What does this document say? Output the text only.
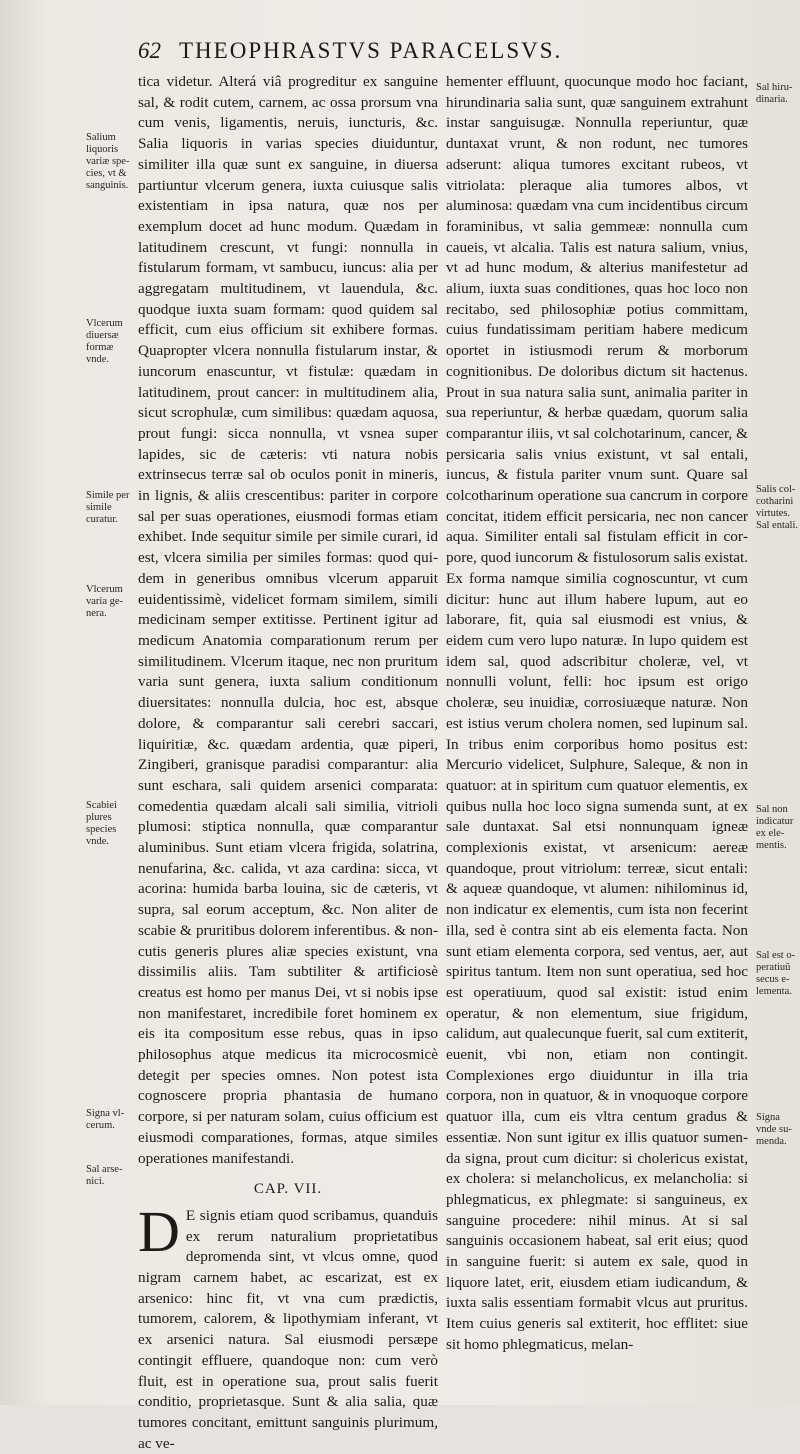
62 THEOPHRASTVS PARACELSVS.
Salium liquoris variæ species, vt & sanguinis.
Vlcerum diuersæ formæ vnde.
Simile per simile curatur.
Vlcerum varia genera.
Scabiei plures species vnde.
Signa vlcerum.
Sal arsenici.
Sal hirudinaria.
Salis colcotharini virtutes. Sal entali.
Sal non indicatur ex elementis.
Sal est operatiuũ secus elementa.
Signa vnde sumenda.

tica videtur. Alterá viâ progreditur ex sanguine sal, & rodit cutem, carnem, ac ossa prorsum vna cum venis, ligamentis, neruis, iuncturis, &c. Salia liquoris in varias species diuiduntur, similiter illa quæ sunt ex sanguine, in diuersa partiuntur vlcerum genera, iuxta cuiusque salis existentiam in ipsa natura, quæ nos per exemplum docet ad hunc modum. Quædam in latitudinem crescunt, vt fungi: nonnulla in fistularum formam, vt sambucu, iuncus: alia per aggregatam multitudinem, vt lauendula, &c. quodque iuxta suam formam: quod quidem sal efficit, cum eius officium sit exhibere formas. Quapropter vlcera nonnulla fistularum instar, & iuncorum enascuntur, vt fistulæ: quædam in latitudinem, prout cancer: in multitudinem alia, sicut scrophulæ, cum similibus: quædam aquosa, prout fungi: sicca nonnulla, vt vsnea super lapides, sic de cæteris: vti natura nobis extrinsecus terræ sal ob oculos ponit in mineris, in lignis, & aliis crescentibus: pariter in corpore sal per suas operationes, eiusmodi formas etiam exhibet. Inde sequitur simile per simile curari, id est, vlcera similia per similes formas: quod quidem in generibus omnibus vlcerum apparuit euidentissimè, videlicet formam similem, simili medicinam semper extitisse. Pertinent igitur ad medicum Anatomia comparationum rerum per similitudinem. Vlcerum itaque, nec non pruritum varia sunt genera, iuxta salium conditionum diuersitates: nonnulla dulcia, hoc est, absque dolore, & comparantur sali cerebri saccari, liquiritiæ, &c. quædam ardentia, quæ piperi, Zingiberi, granisque paradisi comparantur: alia sunt eschara, sali quidem arsenici comparata: comedentia quædam alcali sali similia, vitrioli plumosi: stiptica nonnulla, quæ comparantur aluminibus. Sunt etiam vlcera frigida, solatrina, nenufarina, &c. calida, vt aza cardina: sicca, vt acorina: humida barba louina, sic de cæteris, vt supra, sal eorum acceptum, &c. Non aliter de scabie & pruritibus dolorem inferentibus. & noncutis generis plures aliæ species existunt, vna dissimilis aliis. Tam subtiliter & artificiosè creatus est homo per manus Dei, vt si nobis ipse non manifestaret, incredibile foret hominem ex eis ita compositum esse rebus, quas in ipso philosophus atque medicus ita microcosmicè detegit per species omnes. Non potest ista cognoscere propria phantasia de humano corpore, si per naturam solam, cuius officium est eiusmodi comparationes, formas, atque similes operationes manifestandi.

CAP. VII.

D E signis etiam quod scribamus, quanduis ex rerum naturalium proprietatibus depromenda sint, vt vlcus omne, quod nigram carnem habet, ac escarizat, est ex arsenico: hinc fit, vt vna cum prædictis, tumorem, calorem, & lipothymiam inferant, vt ex arsenici natura. Sal eiusmodi persæpe contingit effluere, quandoque non: cum verò fluit, est in operatione sua, prout salis fuerit conditio, proprietasque. Sunt & alia salia, quæ tumores concitant, emittunt sanguinis plurimum, ac ve-

hementer effluunt, quocunque modo hoc faciant, hirundinaria salia sunt, quæ sanguinem extrahunt instar sanguisugæ. Nonnulla reperiuntur, quæ duntaxat vrunt, & non rodunt, nec tumores adserunt: aliqua tumores excitant rubeos, vt vitriolata: pleraque alia tumores albos, vt aluminosa: quædam vna cum incidentibus circum foraminibus, vt salia gemmeæ: nonnulla cum caueis, vt alcalia. Talis est natura salium, vnius, vt ad hunc modum, & alterius manifestetur ad alium, iuxta suas conditiones, quas hoc loco non recitabo, sed philosophiæ potius committam, cuius fundatissimam peritiam habere medicum oportet in istiusmodi rerum & morborum cognitionibus. De doloribus dictum sit hactenus. Prout in sua natura salia sunt, animalia pariter in sua reperiuntur, & herbæ quædam, quorum salia comparantur iliis, vt sal colchotarinum, cancer, & persicaria salis vnius existunt, vt sal entali, iuncus, & fistula pariter vnum sunt. Quare sal colcotharinum operatione sua cancrum in corpore concitat, itidem efficit persicaria, nec non cancer aqua. Similiter entali sal fistulam efficit in corpore, quod iuncorum & fistulosorum salis existat. Ex forma namque similia cognoscuntur, vt cum dicitur: hunc aut illum habere lupum, aut eo laborare, fit, quia sal eiusmodi est vnius, & eidem cum vero lupo naturæ. In lupo quidem est idem sal, quod adscribitur choleræ, vel, vt nonnulli volunt, felli: hoc ipsum est origo choleræ, seu inuidiæ, corrosiuæque naturæ. Non est istius verum cholera nomen, sed lupinum sal. In tribus enim corporibus homo positus est: Mercurio videlicet, Sulphure, Saleque, & non in quatuor: at in spiritum cum quatuor elementis, ex quibus nulla hoc loco signa sumenda sunt, at ex sale duntaxat. Sal etsi nonnunquam igneæ complexionis existat, vt arsenicum: aereæ quandoque, prout vitriolum: terreæ, sicut entali: & aqueæ quandoque, vt alumen: nihilominus id, non indicatur ex elementis, cum ista non fecerint illa, sed è contra sint ab eis elementa facta. Non sunt etiam elementa corpora, sed ventus, aer, aut spiritus tantum. Item non sunt operatiua, sed hoc est operatiuum, quod sal existit: istud enim operatur, & non elementum, siue frigidum, calidum, aut qualecunque fuerit, sal cum extiterit, euenit, vbi non, etiam non contingit. Complexiones ergo diuiduntur in illa tria corpora, non in quatuor, & in vnoquoque corpore quatuor illa, cum eis vltra centum gradus & essentiæ. Non sunt igitur ex illis quatuor sumenda signa, prout cum dicitur: si cholericus existat, ex cholera: si melancholicus, ex melancholia: si phlegmaticus, ex phlegmate: si sanguineus, ex sanguine procedere: nihil minus. At si sal sanguinis occasionem habeat, sal erit eius; quod in sanguine fuerit: si autem ex sale, quod in liquore latet, erit, eiusdem etiam iudicandum, & iuxta salis essentiam formabit vlcus aut pruritus. Item cuius generis sal extiterit, hoc efflitet: siue sit homo phlegmaticus, melan-
